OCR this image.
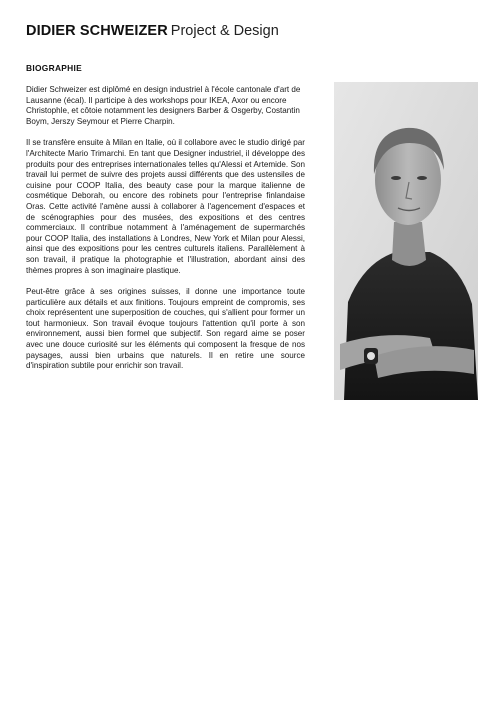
DIDIER SCHWEIZER Project & Design
BIOGRAPHIE

Didier Schweizer est diplômé en design industriel à l'école cantonale d'art de Lausanne (écal). Il participe à des workshops pour IKEA, Axor ou encore Christophle, et côtoie notamment les designers Barber & Osgerby, Costantin Boym, Jerszy Seymour et Pierre Charpin.

Il se transfère ensuite à Milan en Italie, où il collabore avec le studio dirigé par l'Architecte Mario Trimarchi. En tant que Designer industriel, il développe des produits pour des entreprises internationales telles qu'Alessi et Artemide. Son travail lui permet de suivre des projets aussi différents que des ustensiles de cuisine pour COOP Italia, des beauty case pour la marque italienne de cosmétique Deborah, ou encore des robinets pour l'entreprise finlandaise Oras. Cette activité l'amène aussi à collaborer à l'agencement d'espaces et de scénographies pour des musées, des expositions et des centres commerciaux. Il contribue notamment à l'aménagement de supermarchés pour COOP Italia, des installations à Londres, New York et Milan pour Alessi, ainsi que des expositions pour les centres culturels italiens. Parallèlement à son travail, il pratique la photographie et l'illustration, abordant ainsi des thèmes propres à son imaginaire plastique.

Peut-être grâce à ses origines suisses, il donne une importance toute particulière aux détails et aux finitions. Toujours empreint de compromis, ses choix représentent une superposition de couches, qui s'allient pour former un tout harmonieux. Son travail évoque toujours l'attention qu'il porte à son environnement, aussi bien formel que subjectif. Son regard aime se poser avec une douce curiosité sur les éléments qui composent la fresque de nos paysages, aussi bien urbains que naturels. Il en retire une source d'inspiration subtile pour enrichir son travail.
